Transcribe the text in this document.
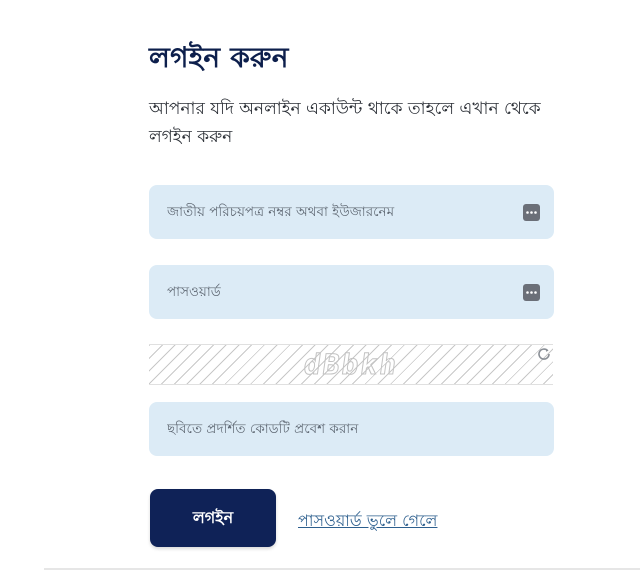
লগইন করুন
আপনার যদি অনলাইন একাউন্ট থাকে তাহলে এখান থেকে লগইন করুন
জাতীয় পরিচয়পত্র নম্বর অথবা ইউজারনেম
dBbkh
ছবিতে প্রদর্শিত কোডটি প্রবেশ করান
লগইন	পাসওয়ার্ড ভুলে গেলে
